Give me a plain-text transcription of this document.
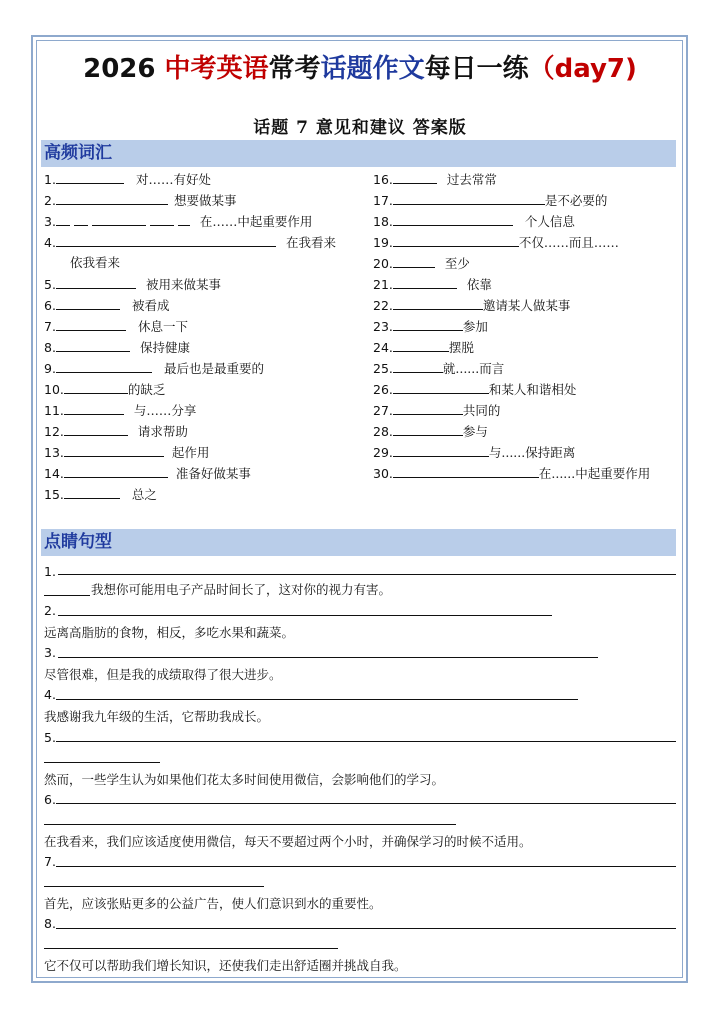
2026 中考英语常考话题作文每日一练（day7)
话题 7 意见和建议 答案版
高频词汇
1.	对……有好处
2.	想要做某事
3.	在……中起重要作用
4.	在我看来
依我看来
5.	被用来做某事
6.	被看成
7.	休息一下
8.	保持健康
9.	最后也是最重要的
10.	的缺乏
11.	与……分享
12.	请求帮助
13.	起作用
14.	准备好做某事
15.	总之
16.	过去常常
17.	是不必要的
18.	个人信息
19.	不仅……而且……
20.	至少
21.	依靠
22.	邀请某人做某事
23.	参加
24.	摆脱
25.	就......而言
26.	和某人和谐相处
27.	共同的
28.	参与
29.	与......保持距离
30.	在......中起重要作用
点睛句型
1.
我想你可能用电子产品时间长了，这对你的视力有害。
2.
远离高脂肪的食物，相反，多吃水果和蔬菜。
3.
尽管很难，但是我的成绩取得了很大进步。
4.
我感谢我九年级的生活，它帮助我成长。
5.
然而，一些学生认为如果他们花太多时间使用微信，会影响他们的学习。
6.
在我看来，我们应该适度使用微信，每天不要超过两个小时，并确保学习的时候不适用。
7.
首先，应该张贴更多的公益广告，使人们意识到水的重要性。
8.
它不仅可以帮助我们增长知识，还使我们走出舒适圈并挑战自我。
